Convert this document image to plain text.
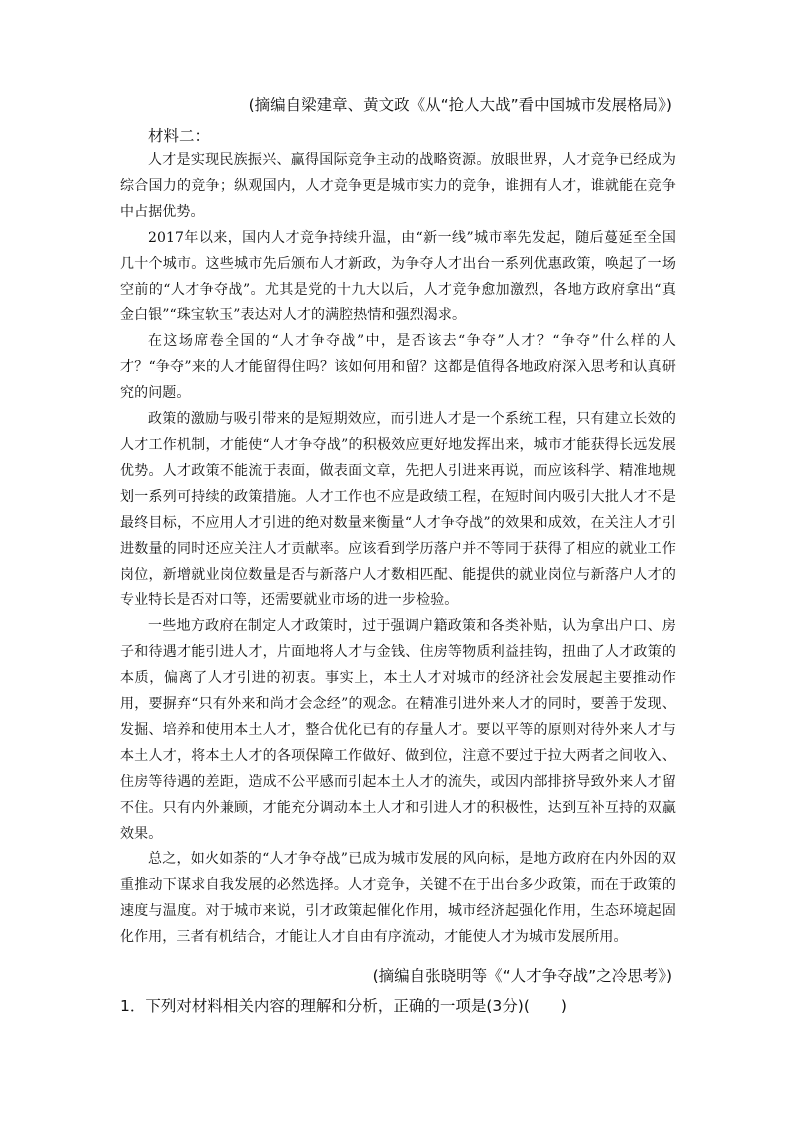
(摘编自梁建章、黄文政《从“抢人大战”看中国城市发展格局》)
材料二：

人才是实现民族振兴、赢得国际竞争主动的战略资源。放眼世界，人才竞争已经成为综合国力的竞争；纵观国内，人才竞争更是城市实力的竞争，谁拥有人才，谁就能在竞争中占据优势。

2017年以来，国内人才竞争持续升温，由“新一线”城市率先发起，随后蔓延至全国几十个城市。这些城市先后颁布人才新政，为争夺人才出台一系列优惠政策，唤起了一场空前的“人才争夺战”。尤其是党的十九大以后，人才竞争愈加激烈，各地方政府拿出“真金白银”“珠宝软玉”表达对人才的满腔热情和强烈渴求。

在这场席卷全国的“人才争夺战”中，是否该去“争夺”人才？“争夺”什么样的人才？“争夺”来的人才能留得住吗？该如何用和留？这都是值得各地政府深入思考和认真研究的问题。

政策的激励与吸引带来的是短期效应，而引进人才是一个系统工程，只有建立长效的人才工作机制，才能使“人才争夺战”的积极效应更好地发挥出来，城市才能获得长远发展优势。人才政策不能流于表面，做表面文章，先把人引进来再说，而应该科学、精准地规划一系列可持续的政策措施。人才工作也不应是政绩工程，在短时间内吸引大批人才不是最终目标，不应用人才引进的绝对数量来衡量“人才争夺战”的效果和成效，在关注人才引进数量的同时还应关注人才贡献率。应该看到学历落户并不等同于获得了相应的就业工作岗位，新增就业岗位数量是否与新落户人才数相匹配、能提供的就业岗位与新落户人才的专业特长是否对口等，还需要就业市场的进一步检验。

一些地方政府在制定人才政策时，过于强调户籍政策和各类补贴，认为拿出户口、房子和待遇才能引进人才，片面地将人才与金钱、住房等物质利益挂钩，扭曲了人才政策的本质，偏离了人才引进的初衷。事实上，本土人才对城市的经济社会发展起主要推动作用，要摒弃“只有外来和尚才会念经”的观念。在精准引进外来人才的同时，要善于发现、发掘、培养和使用本土人才，整合优化已有的存量人才。要以平等的原则对待外来人才与本土人才，将本土人才的各项保障工作做好、做到位，注意不要过于拉大两者之间收入、住房等待遇的差距，造成不公平感而引起本土人才的流失，或因内部排挤导致外来人才留不住。只有内外兼顾，才能充分调动本土人才和引进人才的积极性，达到互补互持的双赢效果。

总之，如火如荼的“人才争夺战”已成为城市发展的风向标，是地方政府在内外因的双重推动下谋求自我发展的必然选择。人才竞争，关键不在于出台多少政策，而在于政策的速度与温度。对于城市来说，引才政策起催化作用，城市经济起强化作用，生态环境起固化作用，三者有机结合，才能让人才自由有序流动，才能使人才为城市发展所用。

(摘编自张晓明等《“人才争夺战”之冷思考》)
1．下列对材料相关内容的理解和分析，正确的一项是(3分)(　　)
